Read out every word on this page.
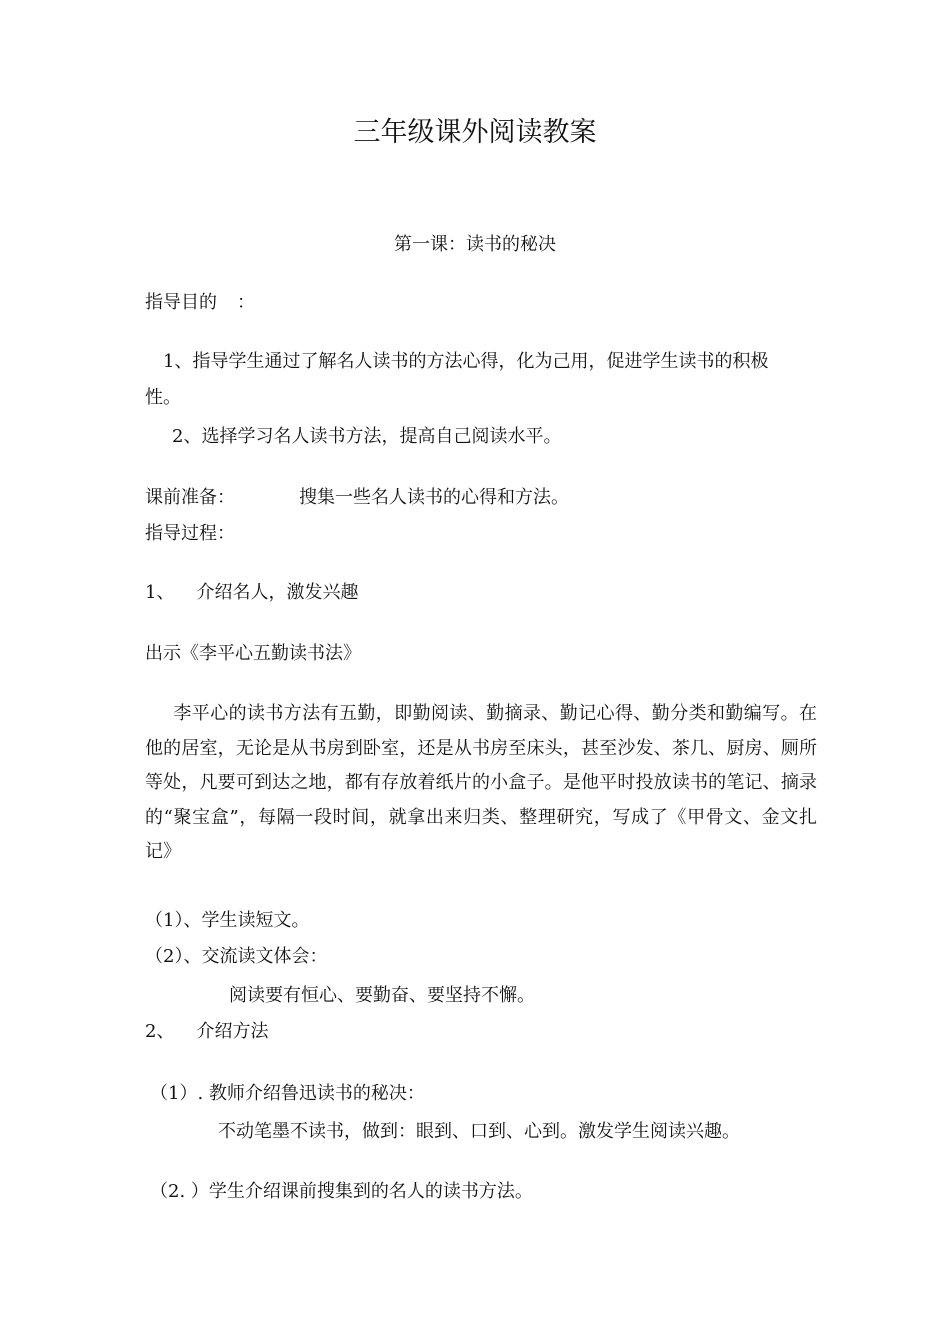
三年级课外阅读教案
第一课：读书的秘决
指导目的 ：
1、指导学生通过了解名人读书的方法心得，化为己用，促进学生读书的积极
性。
2、选择学习名人读书方法，提高自己阅读水平。
课前准备：	搜集一些名人读书的心得和方法。
指导过程：
1、 介绍名人，激发兴趣
出示《李平心五勤读书法》
李平心的读书方法有五勤，即勤阅读、勤摘录、勤记心得、勤分类和勤编写。在他的居室，无论是从书房到卧室，还是从书房至床头，甚至沙发、茶几、厨房、厕所等处，凡要可到达之地，都有存放着纸片的小盒子。是他平时投放读书的笔记、摘录的“聚宝盒”，每隔一段时间，就拿出来归类、整理研究，写成了《甲骨文、金文扎记》
（1）、学生读短文。
（2）、交流读文体会：
阅读要有恒心、要勤奋、要坚持不懈。
2、 介绍方法
（1）. 教师介绍鲁迅读书的秘决：
不动笔墨不读书，做到：眼到、口到、心到。激发学生阅读兴趣。
（2. ）学生介绍课前搜集到的名人的读书方法。
